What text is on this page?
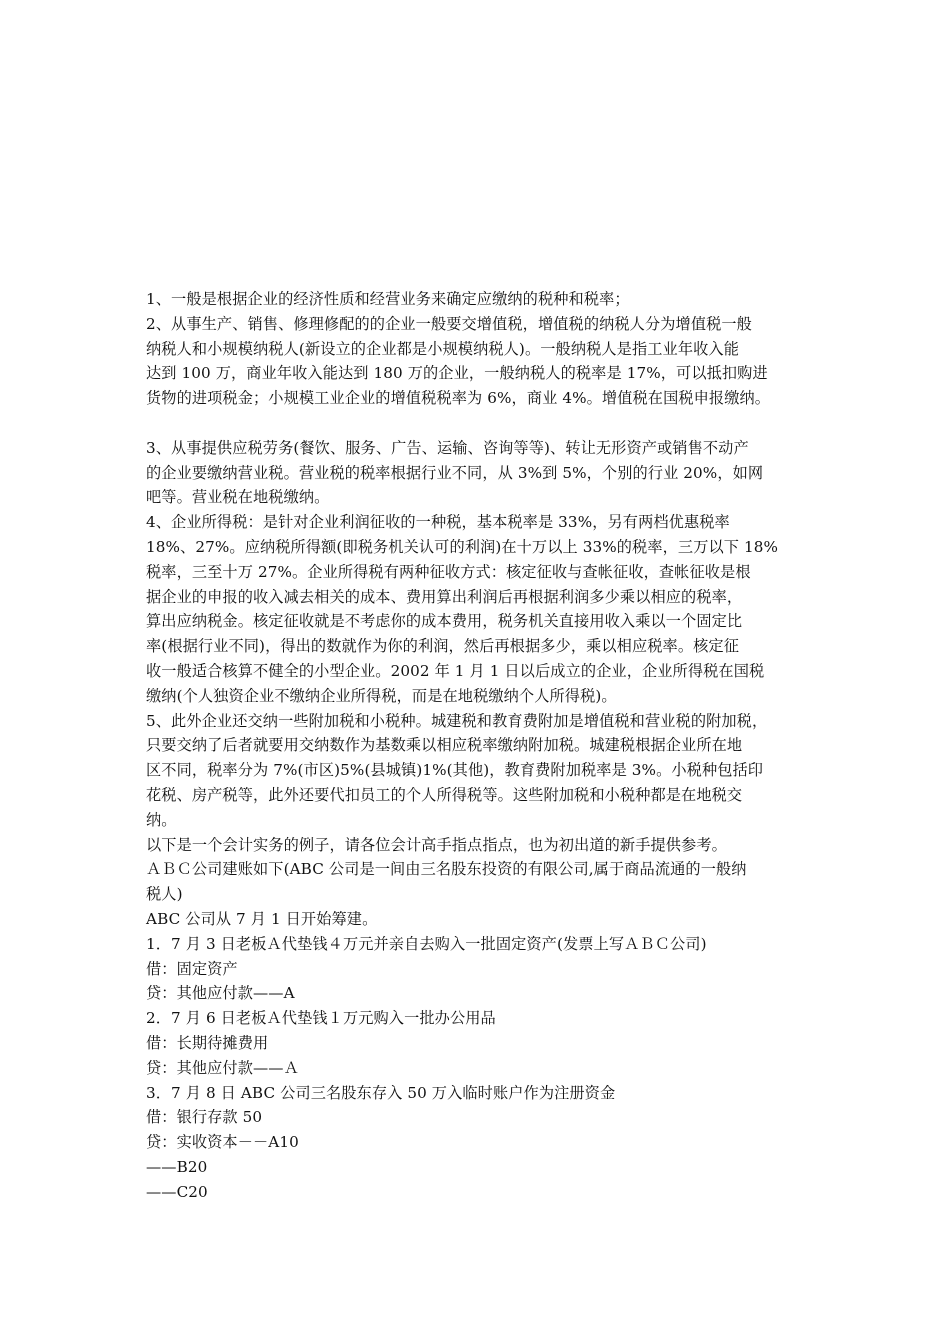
1、一般是根据企业的经济性质和经营业务来确定应缴纳的税种和税率；
2、从事生产、销售、修理修配的的企业一般要交增值税，增值税的纳税人分为增值税一般
纳税人和小规模纳税人(新设立的企业都是小规模纳税人)。一般纳税人是指工业年收入能
达到 100 万，商业年收入能达到 180 万的企业，一般纳税人的税率是 17%，可以抵扣购进
货物的进项税金；小规模工业企业的增值税税率为 6%，商业 4%。增值税在国税申报缴纳。
3、从事提供应税劳务(餐饮、服务、广告、运输、咨询等等)、转让无形资产或销售不动产
的企业要缴纳营业税。营业税的税率根据行业不同，从 3%到 5%，个别的行业 20%，如网
吧等。营业税在地税缴纳。
4、企业所得税：是针对企业利润征收的一种税，基本税率是 33%，另有两档优惠税率
18%、27%。应纳税所得额(即税务机关认可的利润)在十万以上 33%的税率，三万以下 18%
税率，三至十万 27%。企业所得税有两种征收方式：核定征收与查帐征收，查帐征收是根
据企业的申报的收入减去相关的成本、费用算出利润后再根据利润多少乘以相应的税率，
算出应纳税金。核定征收就是不考虑你的成本费用，税务机关直接用收入乘以一个固定比
率(根据行业不同)，得出的数就作为你的利润，然后再根据多少，乘以相应税率。核定征
收一般适合核算不健全的小型企业。2002 年 1 月 1 日以后成立的企业，企业所得税在国税
缴纳(个人独资企业不缴纳企业所得税，而是在地税缴纳个人所得税)。
5、此外企业还交纳一些附加税和小税种。城建税和教育费附加是增值税和营业税的附加税，
只要交纳了后者就要用交纳数作为基数乘以相应税率缴纳附加税。城建税根据企业所在地
区不同，税率分为 7%(市区)5%(县城镇)1%(其他)，教育费附加税率是 3%。小税种包括印
花税、房产税等，此外还要代扣员工的个人所得税等。这些附加税和小税种都是在地税交
纳。
以下是一个会计实务的例子，请各位会计高手指点指点，也为初出道的新手提供参考。
ＡＢＣ公司建账如下(ABC 公司是一间由三名股东投资的有限公司,属于商品流通的一般纳
税人)
ABC 公司从 7 月 1 日开始筹建。
1．7 月 3 日老板Ａ代垫钱４万元并亲自去购入一批固定资产(发票上写ＡＢＣ公司)
借：固定资产
贷：其他应付款——A
2．7 月 6 日老板Ａ代垫钱１万元购入一批办公用品
借：长期待摊费用
贷：其他应付款——Ａ
3．7 月 8 日 ABC 公司三名股东存入 50 万入临时账户作为注册资金
借：银行存款 50
贷：实收资本－－A10
——B20
——C20
